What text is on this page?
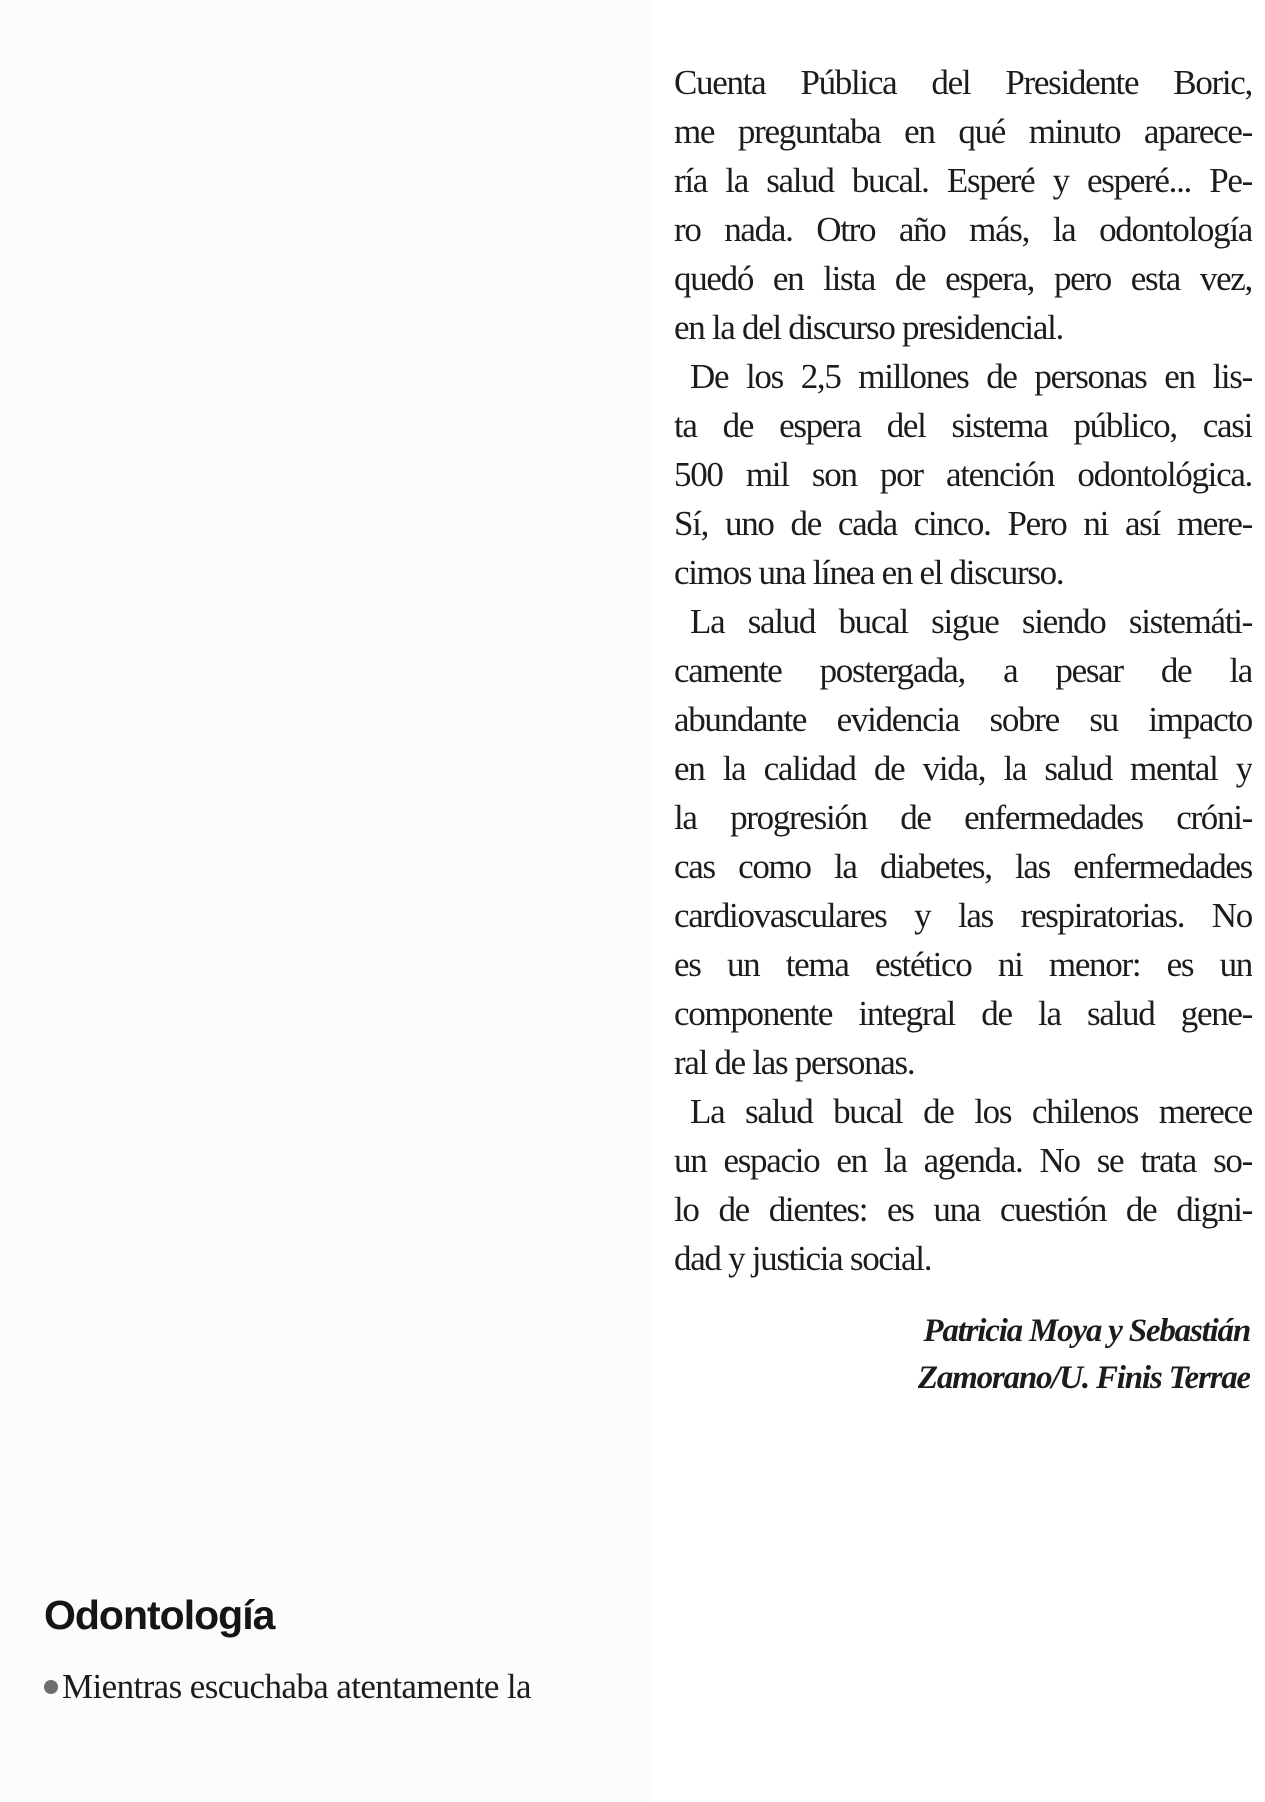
Cuenta Pública del Presidente Boric,
me preguntaba en qué minuto aparece-
ría la salud bucal. Esperé y esperé... Pe-
ro nada. Otro año más, la odontología
quedó en lista de espera, pero esta vez,
en la del discurso presidencial.
De los 2,5 millones de personas en lis-
ta de espera del sistema público, casi
500 mil son por atención odontológica.
Sí, uno de cada cinco. Pero ni así mere-
cimos una línea en el discurso.
La salud bucal sigue siendo sistemáti-
camente postergada, a pesar de la
abundante evidencia sobre su impacto
en la calidad de vida, la salud mental y
la progresión de enfermedades cróni-
cas como la diabetes, las enfermedades
cardiovasculares y las respiratorias. No
es un tema estético ni menor: es un
componente integral de la salud gene-
ral de las personas.
La salud bucal de los chilenos merece
un espacio en la agenda. No se trata so-
lo de dientes: es una cuestión de digni-
dad y justicia social.
Patricia Moya y Sebastián
Zamorano/U. Finis Terrae
Odontología

Mientras escuchaba atentamente la
